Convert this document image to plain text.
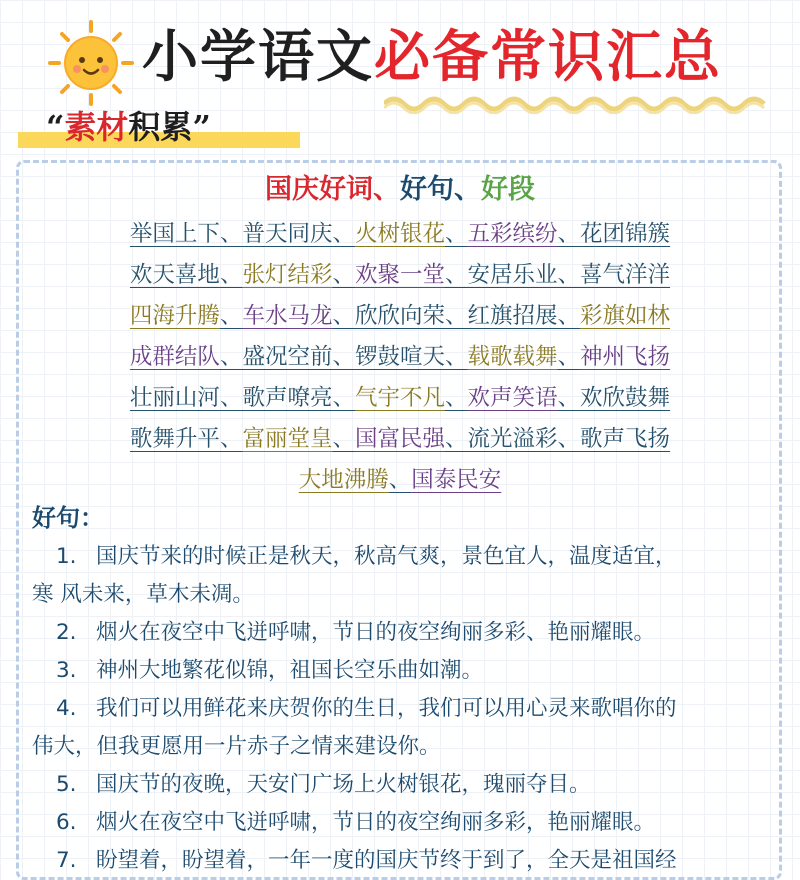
小学语文必备常识汇总
“素材积累”
国庆好词、好句、好段
举国上下、普天同庆、火树银花、五彩缤纷、花团锦簇
欢天喜地、张灯结彩、欢聚一堂、安居乐业、喜气洋洋
四海升腾、车水马龙、欣欣向荣、红旗招展、彩旗如林
成群结队、盛况空前、锣鼓喧天、载歌载舞、神州飞扬
壮丽山河、歌声嘹亮、气宇不凡、欢声笑语、欢欣鼓舞
歌舞升平、富丽堂皇、国富民强、流光溢彩、歌声飞扬
大地沸腾、国泰民安
好句：
1. 国庆节来的时候正是秋天，秋高气爽，景色宜人，温度适宜，
寒 风未来，草木未凋。
2. 烟火在夜空中飞迸呼啸，节日的夜空绚丽多彩、艳丽耀眼。
3. 神州大地繁花似锦，祖国长空乐曲如潮。
4. 我们可以用鲜花来庆贺你的生日，我们可以用心灵来歌唱你的
伟大，但我更愿用一片赤子之情来建设你。
5. 国庆节的夜晚，天安门广场上火树银花，瑰丽夺目。
6. 烟火在夜空中飞迸呼啸，节日的夜空绚丽多彩，艳丽耀眼。
7. 盼望着，盼望着，一年一度的国庆节终于到了，全天是祖国经
